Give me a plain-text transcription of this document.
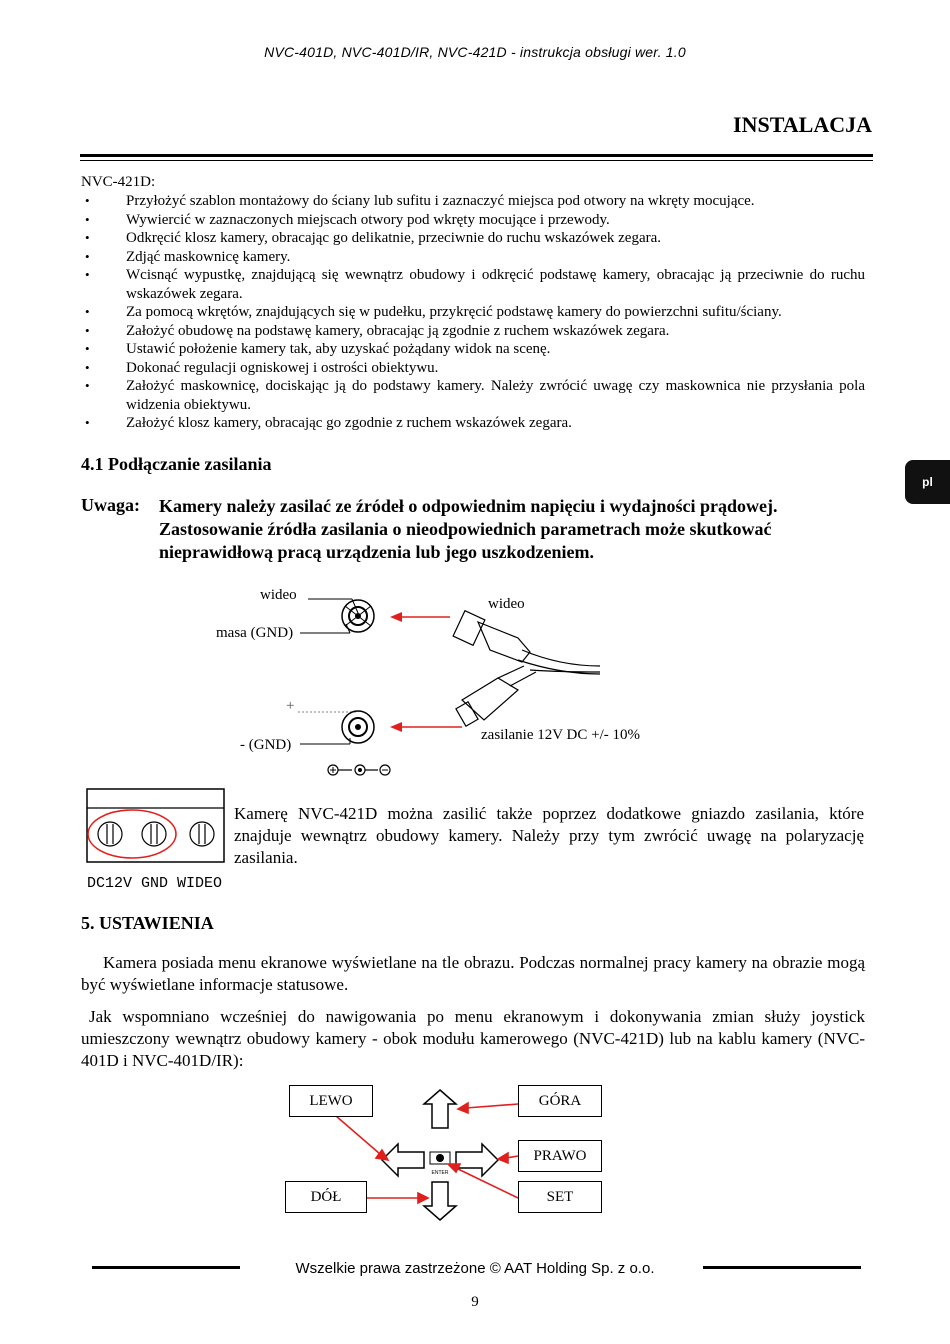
NVC-401D, NVC-401D/IR, NVC-421D - instrukcja obsługi wer. 1.0
INSTALACJA
NVC-421D:
• Przyłożyć szablon montażowy do ściany lub sufitu i zaznaczyć miejsca pod otwory na wkręty mocujące.
• Wywiercić w zaznaczonych miejscach otwory pod wkręty mocujące i przewody.
• Odkręcić klosz kamery, obracając go delikatnie, przeciwnie do ruchu wskazówek zegara.
• Zdjąć maskownicę kamery.
• Wcisnąć wypustkę, znajdującą się wewnątrz obudowy i odkręcić podstawę kamery, obracając ją przeciwnie do ruchu wskazówek zegara.
• Za pomocą wkrętów, znajdujących się w pudełku, przykręcić podstawę kamery do powierzchni sufitu/ściany.
• Założyć obudowę na podstawę kamery, obracając ją zgodnie z ruchem wskazówek zegara.
• Ustawić położenie kamery tak, aby uzyskać pożądany widok na scenę.
• Dokonać regulacji ogniskowej i ostrości obiektywu.
• Założyć maskownicę, dociskając ją do podstawy kamery. Należy zwrócić uwagę czy maskownica nie przysłania pola widzenia obiektywu.
• Założyć klosz kamery, obracając go zgodnie z ruchem wskazówek zegara.
4.1 Podłączanie zasilania
Uwaga: Kamery należy zasilać ze źródeł o odpowiednim napięciu i wydajności prądowej. Zastosowanie źródła zasilania o nieodpowiednich parametrach może skutkować nieprawidłową pracą urządzenia lub jego uszkodzeniem.
pl
wideo
masa (GND)
wideo
+
- (GND)
zasilanie 12V DC +/- 10%
DC12V GND WIDEO
Kamerę NVC-421D można zasilić także poprzez dodatkowe gniazdo zasilania, które znajduje wewnątrz obudowy kamery. Należy przy tym zwrócić uwagę na polaryzację zasilania.
5. USTAWIENIA
Kamera posiada menu ekranowe wyświetlane na tle obrazu. Podczas normalnej pracy kamery na obrazie mogą być wyświetlane informacje statusowe.
Jak wspomniano wcześniej do nawigowania po menu ekranowym i dokonywania zmian służy joystick umieszczony wewnątrz obudowy kamery - obok modułu kamerowego (NVC-421D) lub na kablu kamery (NVC-401D i NVC-401D/IR):
ENTER
LEWO	GÓRA
PRAWO
DÓŁ	SET
Wszelkie prawa zastrzeżone © AAT Holding Sp. z o.o.
9
